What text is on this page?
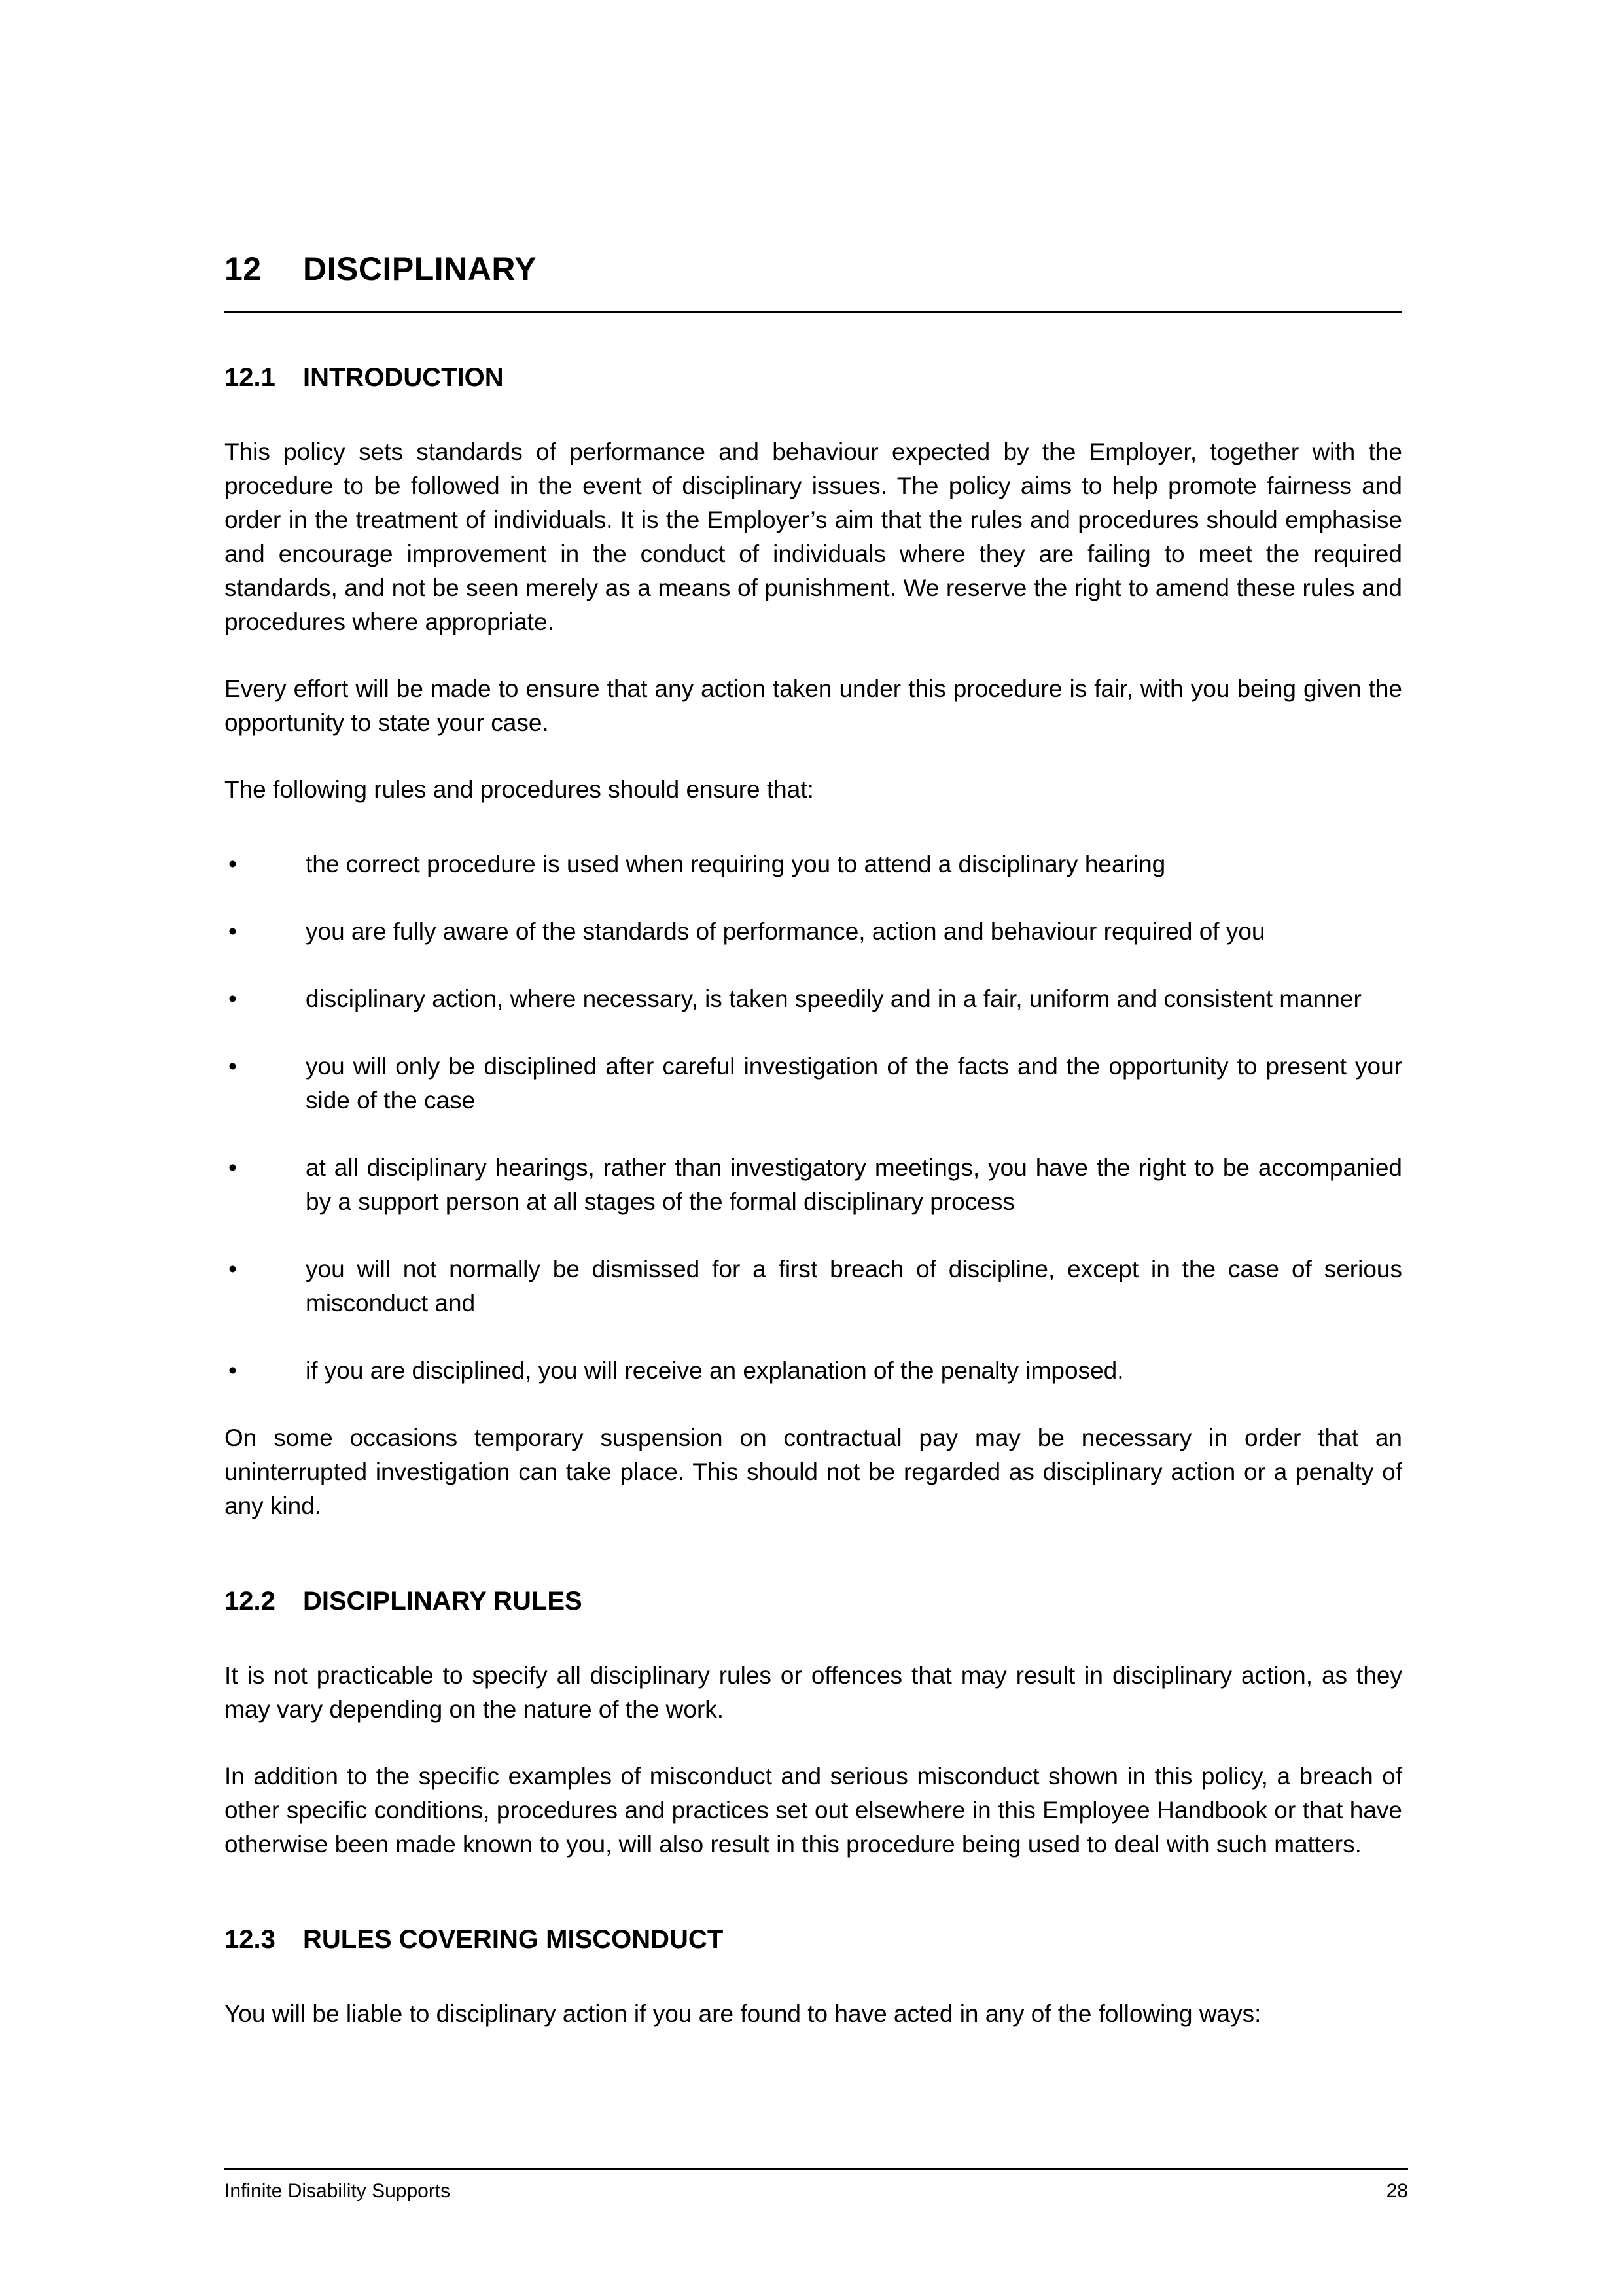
12 DISCIPLINARY
12.1 INTRODUCTION

This policy sets standards of performance and behaviour expected by the Employer, together with the procedure to be followed in the event of disciplinary issues. The policy aims to help promote fairness and order in the treatment of individuals. It is the Employer’s aim that the rules and procedures should emphasise and encourage improvement in the conduct of individuals where they are failing to meet the required standards, and not be seen merely as a means of punishment. We reserve the right to amend these rules and procedures where appropriate.

Every effort will be made to ensure that any action taken under this procedure is fair, with you being given the opportunity to state your case.

The following rules and procedures should ensure that:

•	the correct procedure is used when requiring you to attend a disciplinary hearing
•	you are fully aware of the standards of performance, action and behaviour required of you
•	disciplinary action, where necessary, is taken speedily and in a fair, uniform and consistent manner
•	you will only be disciplined after careful investigation of the facts and the opportunity to present your side of the case
•	at all disciplinary hearings, rather than investigatory meetings, you have the right to be accompanied by a support person at all stages of the formal disciplinary process
•	you will not normally be dismissed for a first breach of discipline, except in the case of serious misconduct and
•	if you are disciplined, you will receive an explanation of the penalty imposed.

On some occasions temporary suspension on contractual pay may be necessary in order that an uninterrupted investigation can take place. This should not be regarded as disciplinary action or a penalty of any kind.

12.2 DISCIPLINARY RULES

It is not practicable to specify all disciplinary rules or offences that may result in disciplinary action, as they may vary depending on the nature of the work.

In addition to the specific examples of misconduct and serious misconduct shown in this policy, a breach of other specific conditions, procedures and practices set out elsewhere in this Employee Handbook or that have otherwise been made known to you, will also result in this procedure being used to deal with such matters.

12.3 RULES COVERING MISCONDUCT

You will be liable to disciplinary action if you are found to have acted in any of the following ways:

Infinite Disability Supports	28
